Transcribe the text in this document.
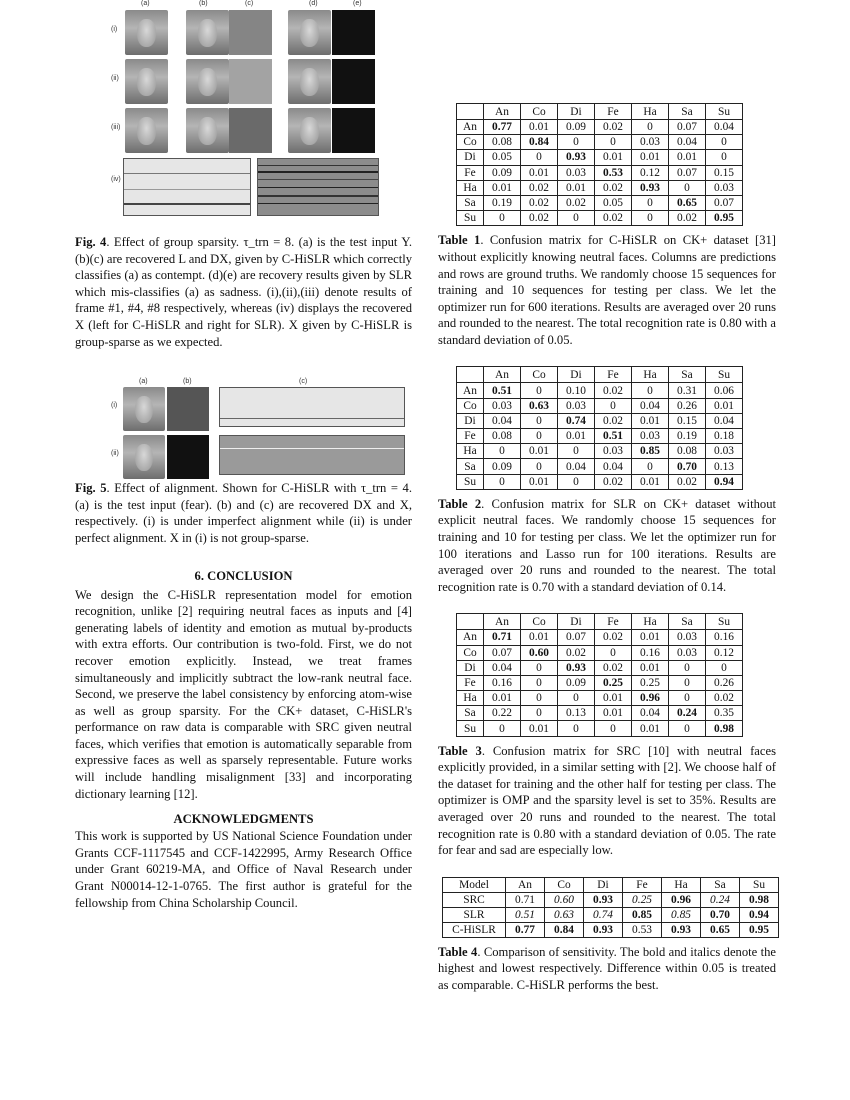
(a)	(b)	(c)	(d)	(e)
(i)
(ii)
(iii)
(iv)

Fig. 4. Effect of group sparsity. τ_trn = 8. (a) is the test input Y. (b)(c) are recovered L and DX, given by C-HiSLR which correctly classifies (a) as contempt. (d)(e) are recovery results given by SLR which mis-classifies (a) as sadness. (i),(ii),(iii) denote results of frame #1, #4, #8 respectively, whereas (iv) displays the recovered X (left for C-HiSLR and right for SLR). X given by C-HiSLR is group-sparse as we expected.

(a)	(b)	(c)
(i)
(ii)

Fig. 5. Effect of alignment. Shown for C-HiSLR with τ_trn = 4. (a) is the test input (fear). (b) and (c) are recovered DX and X, respectively. (i) is under imperfect alignment while (ii) is under perfect alignment. X in (i) is not group-sparse.

6. CONCLUSION

We design the C-HiSLR representation model for emotion recognition, unlike [2] requiring neutral faces as inputs and [4] generating labels of identity and emotion as mutual by-products with extra efforts. Our contribution is two-fold. First, we do not recover emotion explicitly. Instead, we treat frames simultaneously and implicitly subtract the low-rank neutral face. Second, we preserve the label consistency by enforcing atom-wise as well as group sparsity. For the CK+ dataset, C-HiSLR's performance on raw data is comparable with SRC given neutral faces, which verifies that emotion is automatically separable from expressive faces as well as sparsely representable. Future works will include handling misalignment [33] and incorporating dictionary learning [12].

ACKNOWLEDGMENTS

This work is supported by US National Science Foundation under Grants CCF-1117545 and CCF-1422995, Army Research Office under Grant 60219-MA, and Office of Naval Research under Grant N00014-12-1-0765. The first author is grateful for the fellowship from China Scholarship Council.

	An	Co	Di	Fe	Ha	Sa	Su
An	0.77	0.01	0.09	0.02	0	0.07	0.04
Co	0.08	0.84	0	0	0.03	0.04	0
Di	0.05	0	0.93	0.01	0.01	0.01	0
Fe	0.09	0.01	0.03	0.53	0.12	0.07	0.15
Ha	0.01	0.02	0.01	0.02	0.93	0	0.03
Sa	0.19	0.02	0.02	0.05	0	0.65	0.07
Su	0	0.02	0	0.02	0	0.02	0.95

Table 1. Confusion matrix for C-HiSLR on CK+ dataset [31] without explicitly knowing neutral faces. Columns are predictions and rows are ground truths. We randomly choose 15 sequences for training and 10 sequences for testing per class. We let the optimizer run for 600 iterations. Results are averaged over 20 runs and rounded to the nearest. The total recognition rate is 0.80 with a standard deviation of 0.05.

	An	Co	Di	Fe	Ha	Sa	Su
An	0.51	0	0.10	0.02	0	0.31	0.06
Co	0.03	0.63	0.03	0	0.04	0.26	0.01
Di	0.04	0	0.74	0.02	0.01	0.15	0.04
Fe	0.08	0	0.01	0.51	0.03	0.19	0.18
Ha	0	0.01	0	0.03	0.85	0.08	0.03
Sa	0.09	0	0.04	0.04	0	0.70	0.13
Su	0	0.01	0	0.02	0.01	0.02	0.94

Table 2. Confusion matrix for SLR on CK+ dataset without explicit neutral faces. We randomly choose 15 sequences for training and 10 for testing per class. We let the optimizer run for 100 iterations and Lasso run for 100 iterations. Results are averaged over 20 runs and rounded to the nearest. The total recognition rate is 0.70 with a standard deviation of 0.14.

	An	Co	Di	Fe	Ha	Sa	Su
An	0.71	0.01	0.07	0.02	0.01	0.03	0.16
Co	0.07	0.60	0.02	0	0.16	0.03	0.12
Di	0.04	0	0.93	0.02	0.01	0	0
Fe	0.16	0	0.09	0.25	0.25	0	0.26
Ha	0.01	0	0	0.01	0.96	0	0.02
Sa	0.22	0	0.13	0.01	0.04	0.24	0.35
Su	0	0.01	0	0	0.01	0	0.98

Table 3. Confusion matrix for SRC [10] with neutral faces explicitly provided, in a similar setting with [2]. We choose half of the dataset for training and the other half for testing per class. The optimizer is OMP and the sparsity level is set to 35%. Results are averaged over 20 runs and rounded to the nearest. The total recognition rate is 0.80 with a standard deviation of 0.05. The rate for fear and sad are especially low.

Model	An	Co	Di	Fe	Ha	Sa	Su
SRC	0.71	0.60	0.93	0.25	0.96	0.24	0.98
SLR	0.51	0.63	0.74	0.85	0.85	0.70	0.94
C-HiSLR	0.77	0.84	0.93	0.53	0.93	0.65	0.95

Table 4. Comparison of sensitivity. The bold and italics denote the highest and lowest respectively. Difference within 0.05 is treated as comparable. C-HiSLR performs the best.
